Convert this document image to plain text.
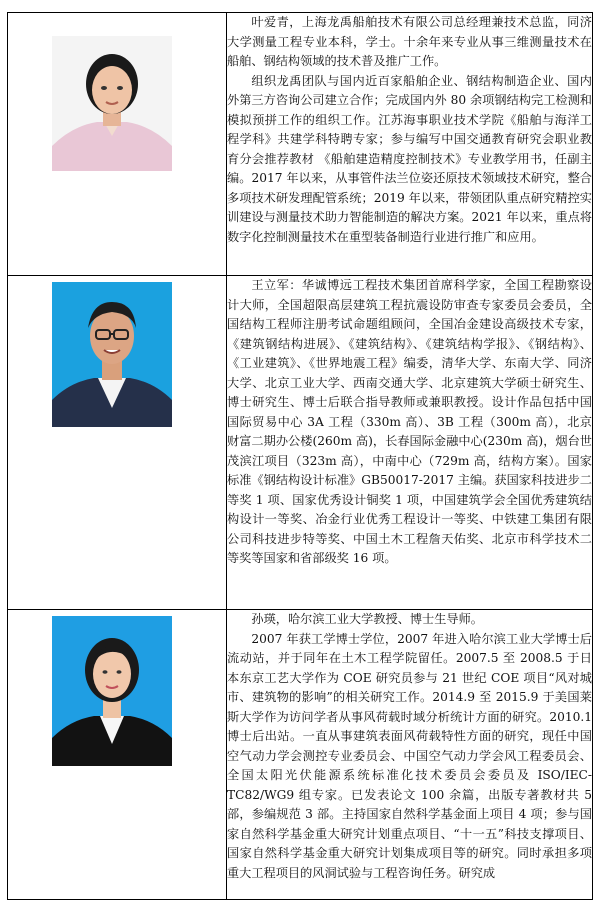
叶爱青，上海龙禹船舶技术有限公司总经理兼技术总监，同济大学测量工程专业本科，学士。十余年来专业从事三维测量技术在船舶、钢结构领域的技术普及推广工作。

组织龙禹团队与国内近百家船舶企业、钢结构制造企业、国内外第三方咨询公司建立合作；完成国内外 80 余项钢结构完工检测和模拟预拼工作的组织工作。江苏海事职业技术学院《船舶与海洋工程学科》共建学科特聘专家；参与编写中国交通教育研究会职业教育分会推荐教材 《船舶建造精度控制技术》专业教学用书，任副主编。2017 年以来，从事管件法兰位姿还原技术领域技术研究，整合多项技术研发理配管系统；2019 年以来，带领团队重点研究精控实训建设与测量技术助力智能制造的解决方案。2021 年以来，重点将数字化控制测量技术在重型装备制造行业进行推广和应用。

王立军：华诚博远工程技术集团首席科学家，全国工程勘察设计大师，全国超限高层建筑工程抗震设防审查专家委员会委员，全国结构工程师注册考试命题组顾问，全国冶金建设高级技术专家，《建筑钢结构进展》、《建筑结构》、《建筑结构学报》、《钢结构》、《工业建筑》、《世界地震工程》编委，清华大学、东南大学、同济大学、北京工业大学、西南交通大学、北京建筑大学硕士研究生、博士研究生、博士后联合指导教师或兼职教授。设计作品包括中国国际贸易中心 3A 工程（330m 高）、3B 工程（300m 高），北京财富二期办公楼(260m 高)，长春国际金融中心(230m 高)，烟台世茂滨江项目（323m 高），中南中心（729m 高，结构方案）。国家标准《钢结构设计标准》GB50017-2017 主编。获国家科技进步二等奖 1 项、国家优秀设计铜奖 1 项，中国建筑学会全国优秀建筑结构设计一等奖、冶金行业优秀工程设计一等奖、中铁建工集团有限公司科技进步特等奖、中国土木工程詹天佑奖、北京市科学技术二等奖等国家和省部级奖 16 项。

孙瑛，哈尔滨工业大学教授、博士生导师。

2007 年获工学博士学位，2007 年进入哈尔滨工业大学博士后流动站，并于同年在土木工程学院留任。2007.5 至 2008.5 于日本东京工艺大学作为 COE 研究员参与 21 世纪 COE 项目“风对城市、建筑物的影响”的相关研究工作。2014.9 至 2015.9 于美国莱斯大学作为访问学者从事风荷载时域分析统计方面的研究。2010.1 博士后出站。一直从事建筑表面风荷载特性方面的研究，现任中国空气动力学会测控专业委员会、中国空气动力学会风工程委员会、全国太阳光伏能源系统标准化技术委员会委员及 ISO/IEC-TC82/WG9 组专家。已发表论文 100 余篇，出版专著教材共 5 部，参编规范 3 部。主持国家自然科学基金面上项目 4 项；参与国家自然科学基金重大研究计划重点项目、“十一五”科技支撑项目、国家自然科学基金重大研究计划集成项目等的研究。同时承担多项重大工程项目的风洞试验与工程咨询任务。研究成
